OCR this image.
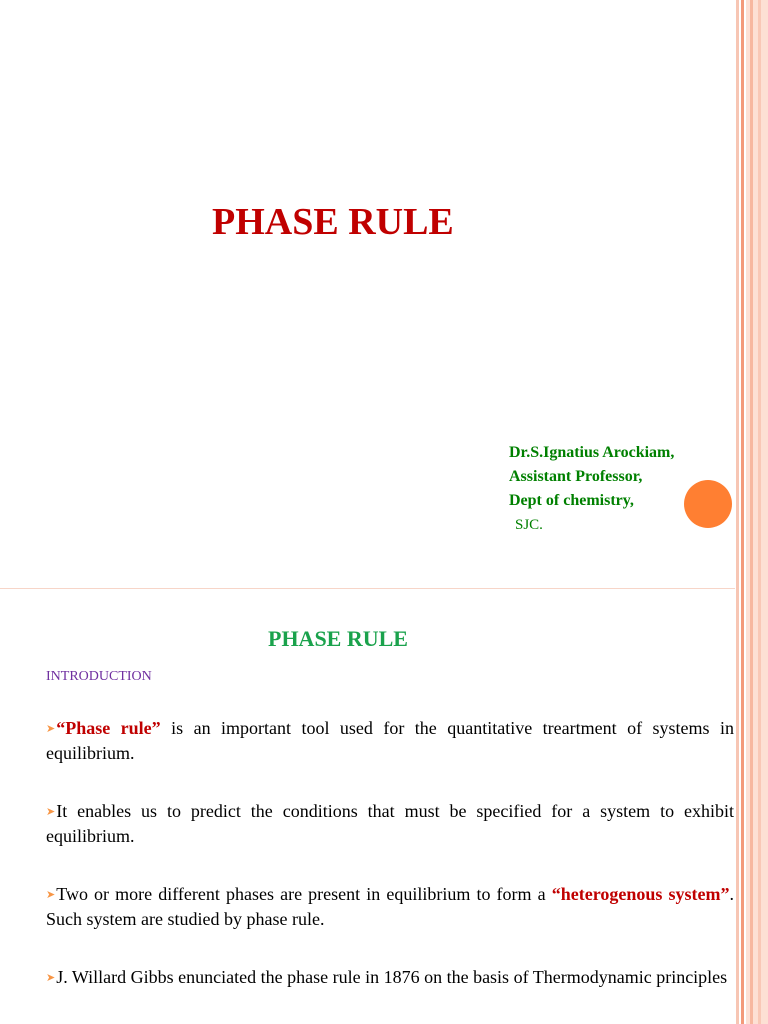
PHASE RULE
Dr.S.Ignatius Arockiam,
Assistant Professor,
Dept of chemistry,
SJC.
PHASE RULE
INTRODUCTION
➤“Phase rule” is an important tool used for the quantitative treartment of systems in equilibrium.
➤It enables us to predict the conditions that must be specified for a system to exhibit equilibrium.
➤Two or more different phases are present in equilibrium to form a “heterogenous system”. Such system are studied by phase rule.
➤J. Willard Gibbs enunciated the phase rule in 1876 on the basis of Thermodynamic principles
